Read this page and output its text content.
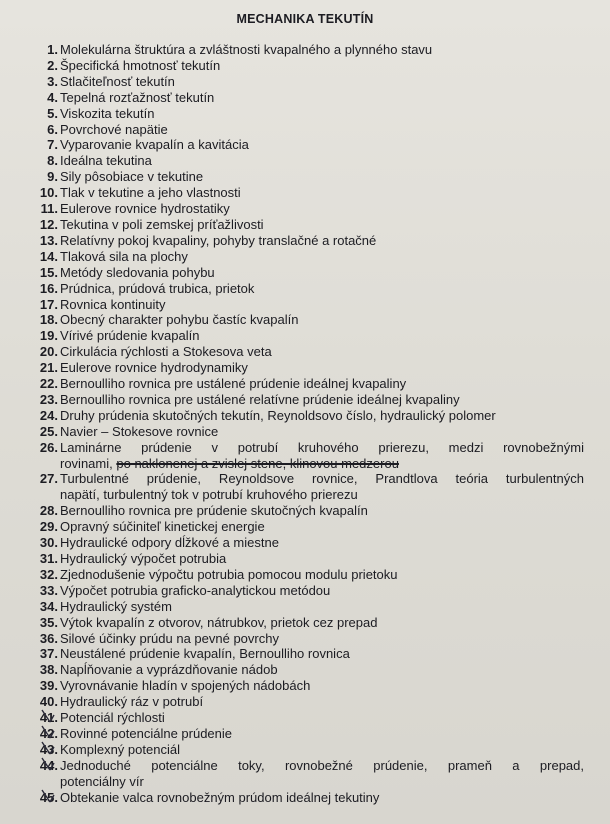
MECHANIKA TEKUTÍN
1. Molekulárna štruktúra a zvláštnosti kvapalného a plynného stavu
2. Špecifická hmotnosť tekutín
3. Stlačiteľnosť tekutín
4. Tepelná rozťažnosť tekutín
5. Viskozita tekutín
6. Povrchové napätie
7. Vyparovanie kvapalín a kavitácia
8. Ideálna tekutina
9. Sily pôsobiace v tekutine
10. Tlak v tekutine a jeho vlastnosti
11. Eulerove rovnice hydrostatiky
12. Tekutina v poli zemskej príťažlivosti
13. Relatívny pokoj kvapaliny, pohyby translačné a rotačné
14. Tlaková sila na plochy
15. Metódy sledovania pohybu
16. Prúdnica, prúdová trubica, prietok
17. Rovnica kontinuity
18. Obecný charakter pohybu častíc kvapalín
19. Vírivé prúdenie kvapalín
20. Cirkulácia rýchlosti a Stokesova veta
21. Eulerove rovnice hydrodynamiky
22. Bernoulliho rovnica pre ustálené prúdenie ideálnej kvapaliny
23. Bernoulliho rovnica pre ustálené relatívne prúdenie ideálnej kvapaliny
24. Druhy prúdenia skutočných tekutín, Reynoldsovo číslo, hydraulický polomer
25. Navier – Stokesove rovnice
26. Laminárne prúdenie v potrubí kruhového prierezu, medzi rovnobežnými
rovinami, po naklonenej a zvislej stene, klinovou medzerou
27. Turbulentné prúdenie, Reynoldsove rovnice, Prandtlova teória turbulentných
napätí, turbulentný tok v potrubí kruhového prierezu
28. Bernoulliho rovnica pre prúdenie skutočných kvapalín
29. Opravný súčiniteľ kinetickej energie
30. Hydraulické odpory dĺžkové a miestne
31. Hydraulický výpočet potrubia
32. Zjednodušenie výpočtu potrubia pomocou modulu prietoku
33. Výpočet potrubia graficko-analytickou metódou
34. Hydraulický systém
35. Výtok kvapalín z otvorov, nátrubkov, prietok cez prepad
36. Silové účinky prúdu na pevné povrchy
37. Neustálené prúdenie kvapalín, Bernoulliho rovnica
38. Napĺňovanie a vyprázdňovanie nádob
39. Vyrovnávanie hladín v spojených nádobách
40. Hydraulický ráz v potrubí
41. Potenciál rýchlosti
42. Rovinné potenciálne prúdenie
43. Komplexný potenciál
44. Jednoduché potenciálne toky, rovnobežné prúdenie, prameň a prepad,
potenciálny vír
45. Obtekanie valca rovnobežným prúdom ideálnej tekutiny
